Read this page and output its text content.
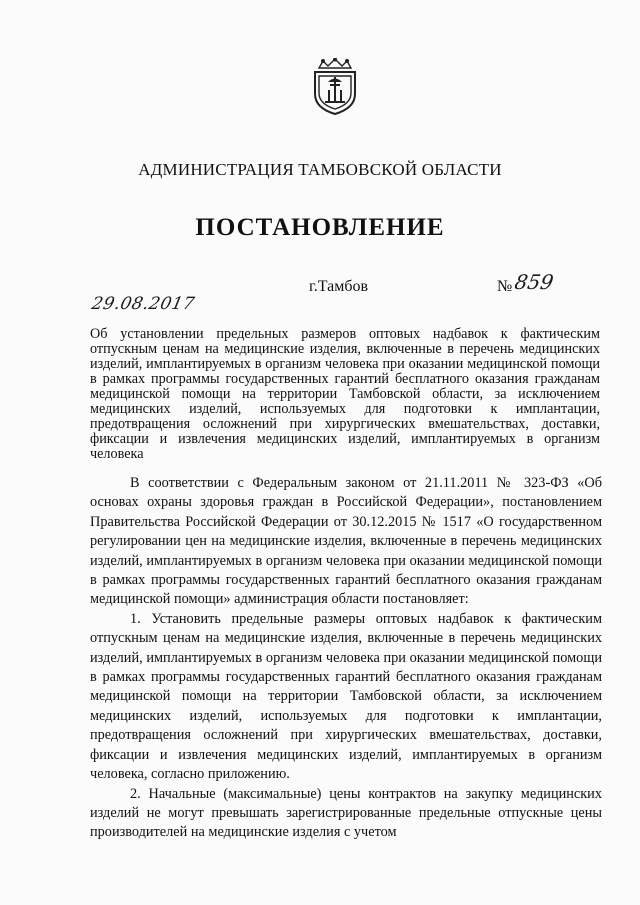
АДМИНИСТРАЦИЯ ТАМБОВСКОЙ ОБЛАСТИ
ПОСТАНОВЛЕНИЕ
г.Тамбов	№ 859
29.08.2017
Об установлении предельных размеров оптовых надбавок к фактическим отпускным ценам на медицинские изделия, включенные в перечень медицинских изделий, имплантируемых в организм человека при оказании медицинской помощи в рамках программы государственных гарантий бесплатного оказания гражданам медицинской помощи на территории Тамбовской области, за исключением медицинских изделий, используемых для подготовки к имплантации, предотвращения осложнений при хирургических вмешательствах, доставки, фиксации и извлечения медицинских изделий, имплантируемых в организм человека

В соответствии с Федеральным законом от 21.11.2011 № 323-ФЗ «Об основах охраны здоровья граждан в Российской Федерации», постановлением Правительства Российской Федерации от 30.12.2015 № 1517 «О государственном регулировании цен на медицинские изделия, включенные в перечень медицинских изделий, имплантируемых в организм человека при оказании медицинской помощи в рамках программы государственных гарантий бесплатного оказания гражданам медицинской помощи» администрация области постановляет:

1. Установить предельные размеры оптовых надбавок к фактическим отпускным ценам на медицинские изделия, включенные в перечень медицинских изделий, имплантируемых в организм человека при оказании медицинской помощи в рамках программы государственных гарантий бесплатного оказания гражданам медицинской помощи на территории Тамбовской области, за исключением медицинских изделий, используемых для подготовки к имплантации, предотвращения осложнений при хирургических вмешательствах, доставки, фиксации и извлечения медицинских изделий, имплантируемых в организм человека, согласно приложению.

2. Начальные (максимальные) цены контрактов на закупку медицинских изделий не могут превышать зарегистрированные предельные отпускные цены производителей на медицинские изделия с учетом
